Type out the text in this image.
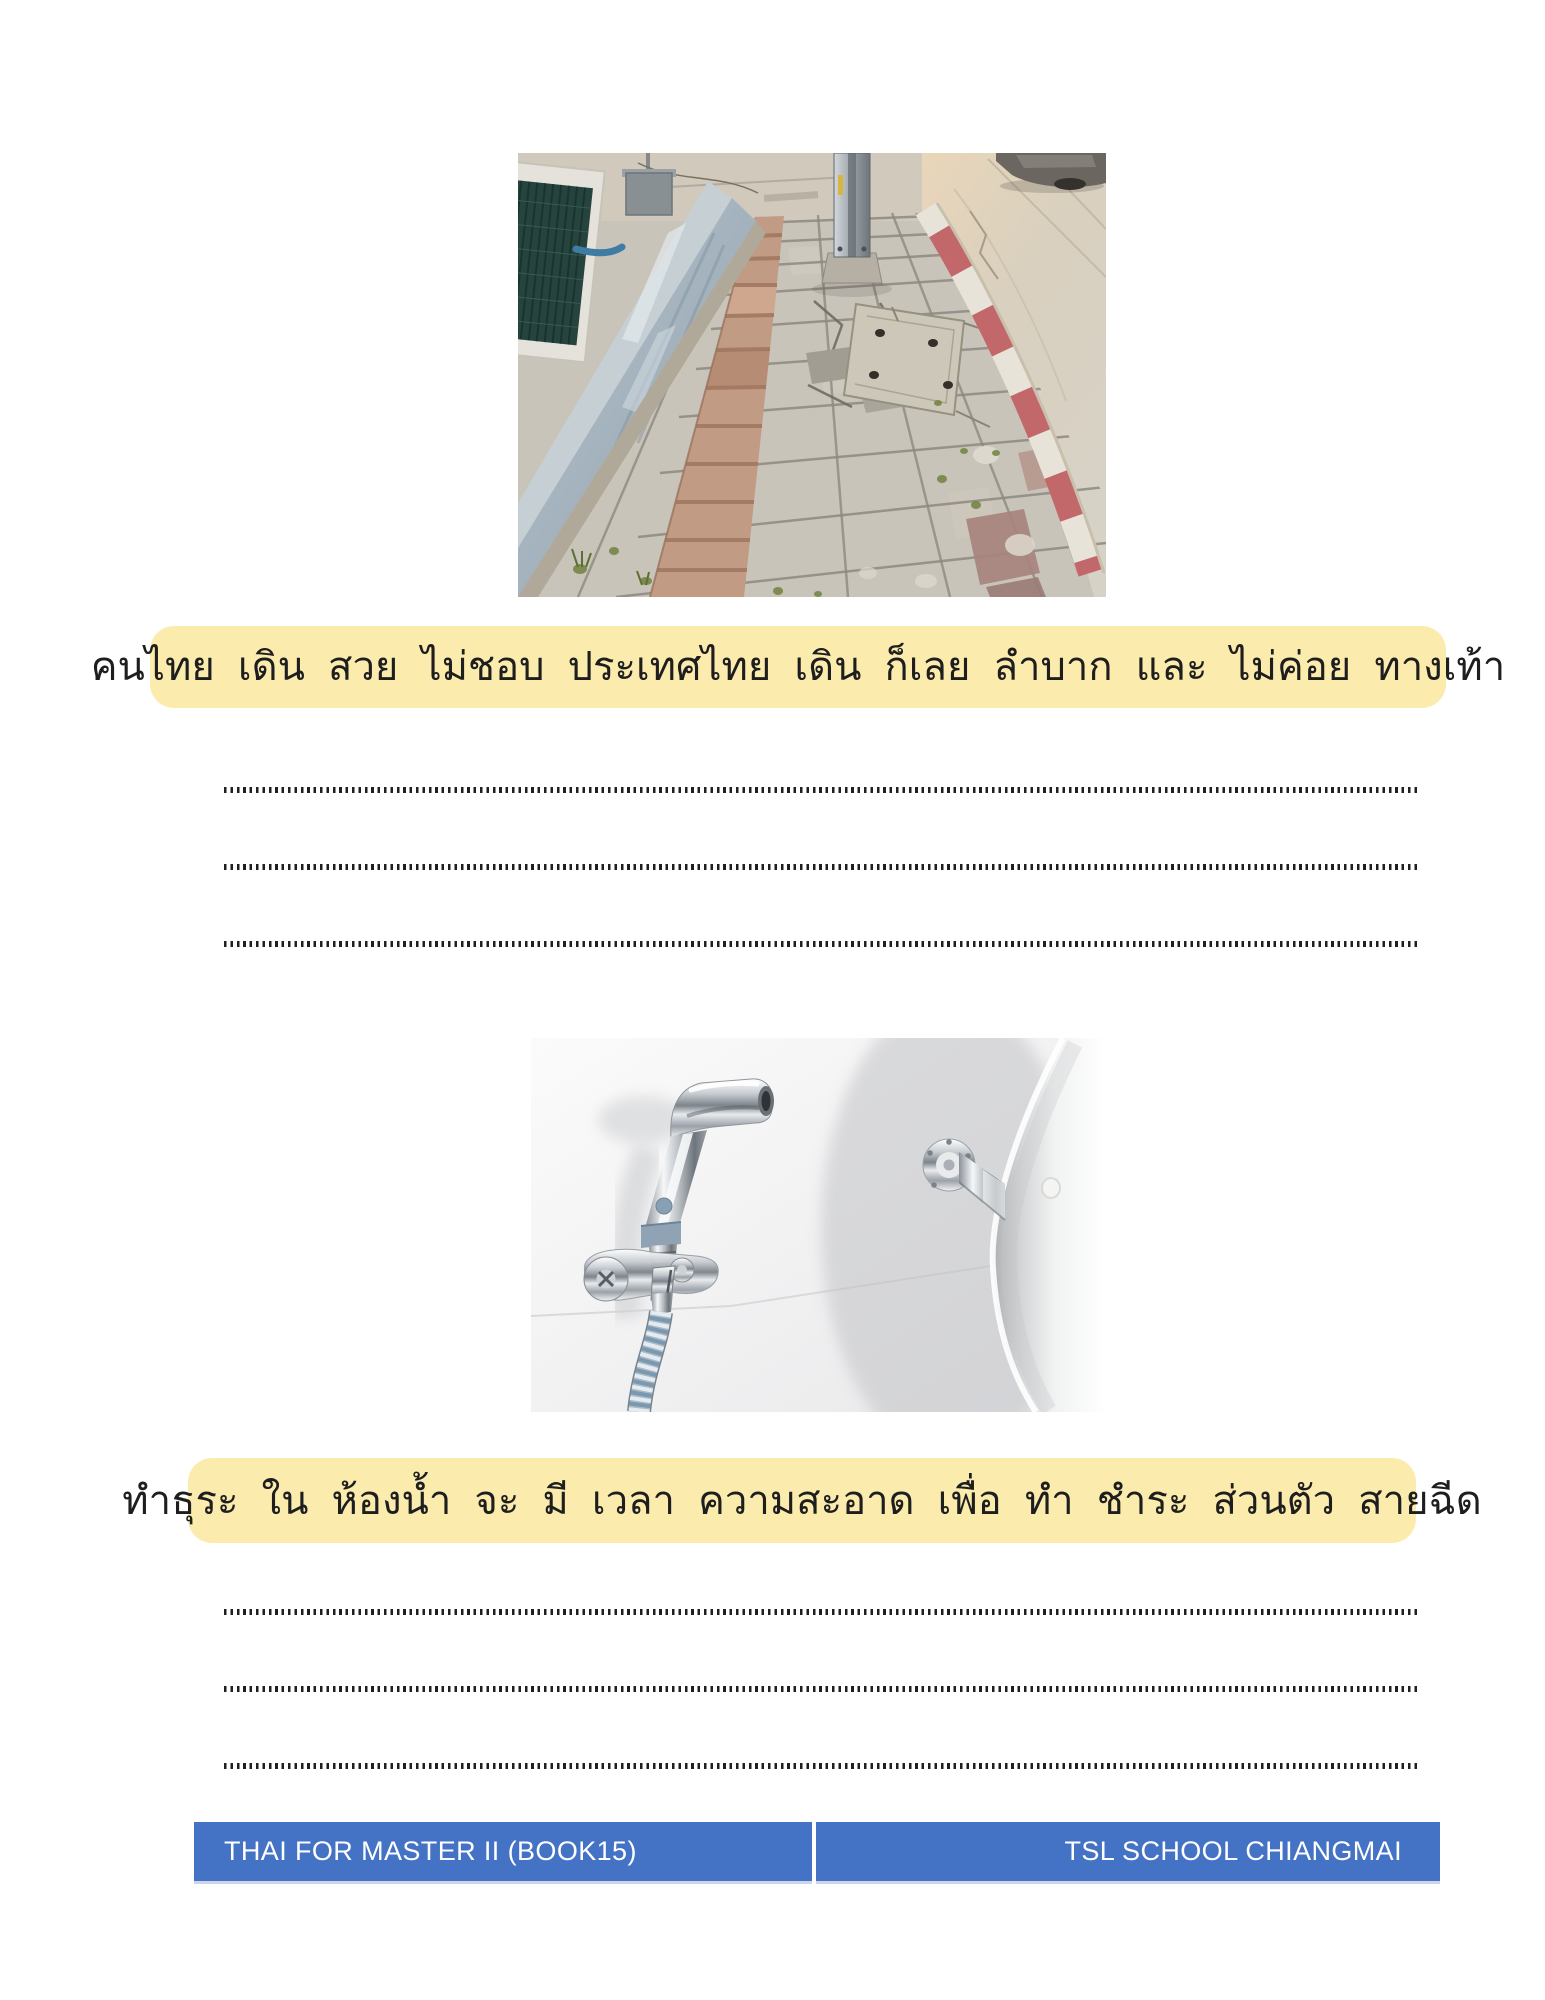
คนไทย เดิน สวย ไม่ชอบ ประเทศไทย เดิน ก็เลย ลำบาก และ ไม่ค่อย ทางเท้า
ทำธุระ ใน ห้องน้ำ จะ มี เวลา ความสะอาด เพื่อ ทำ ชำระ ส่วนตัว สายฉีด
THAI FOR MASTER II (BOOK15)	TSL SCHOOL CHIANGMAI
